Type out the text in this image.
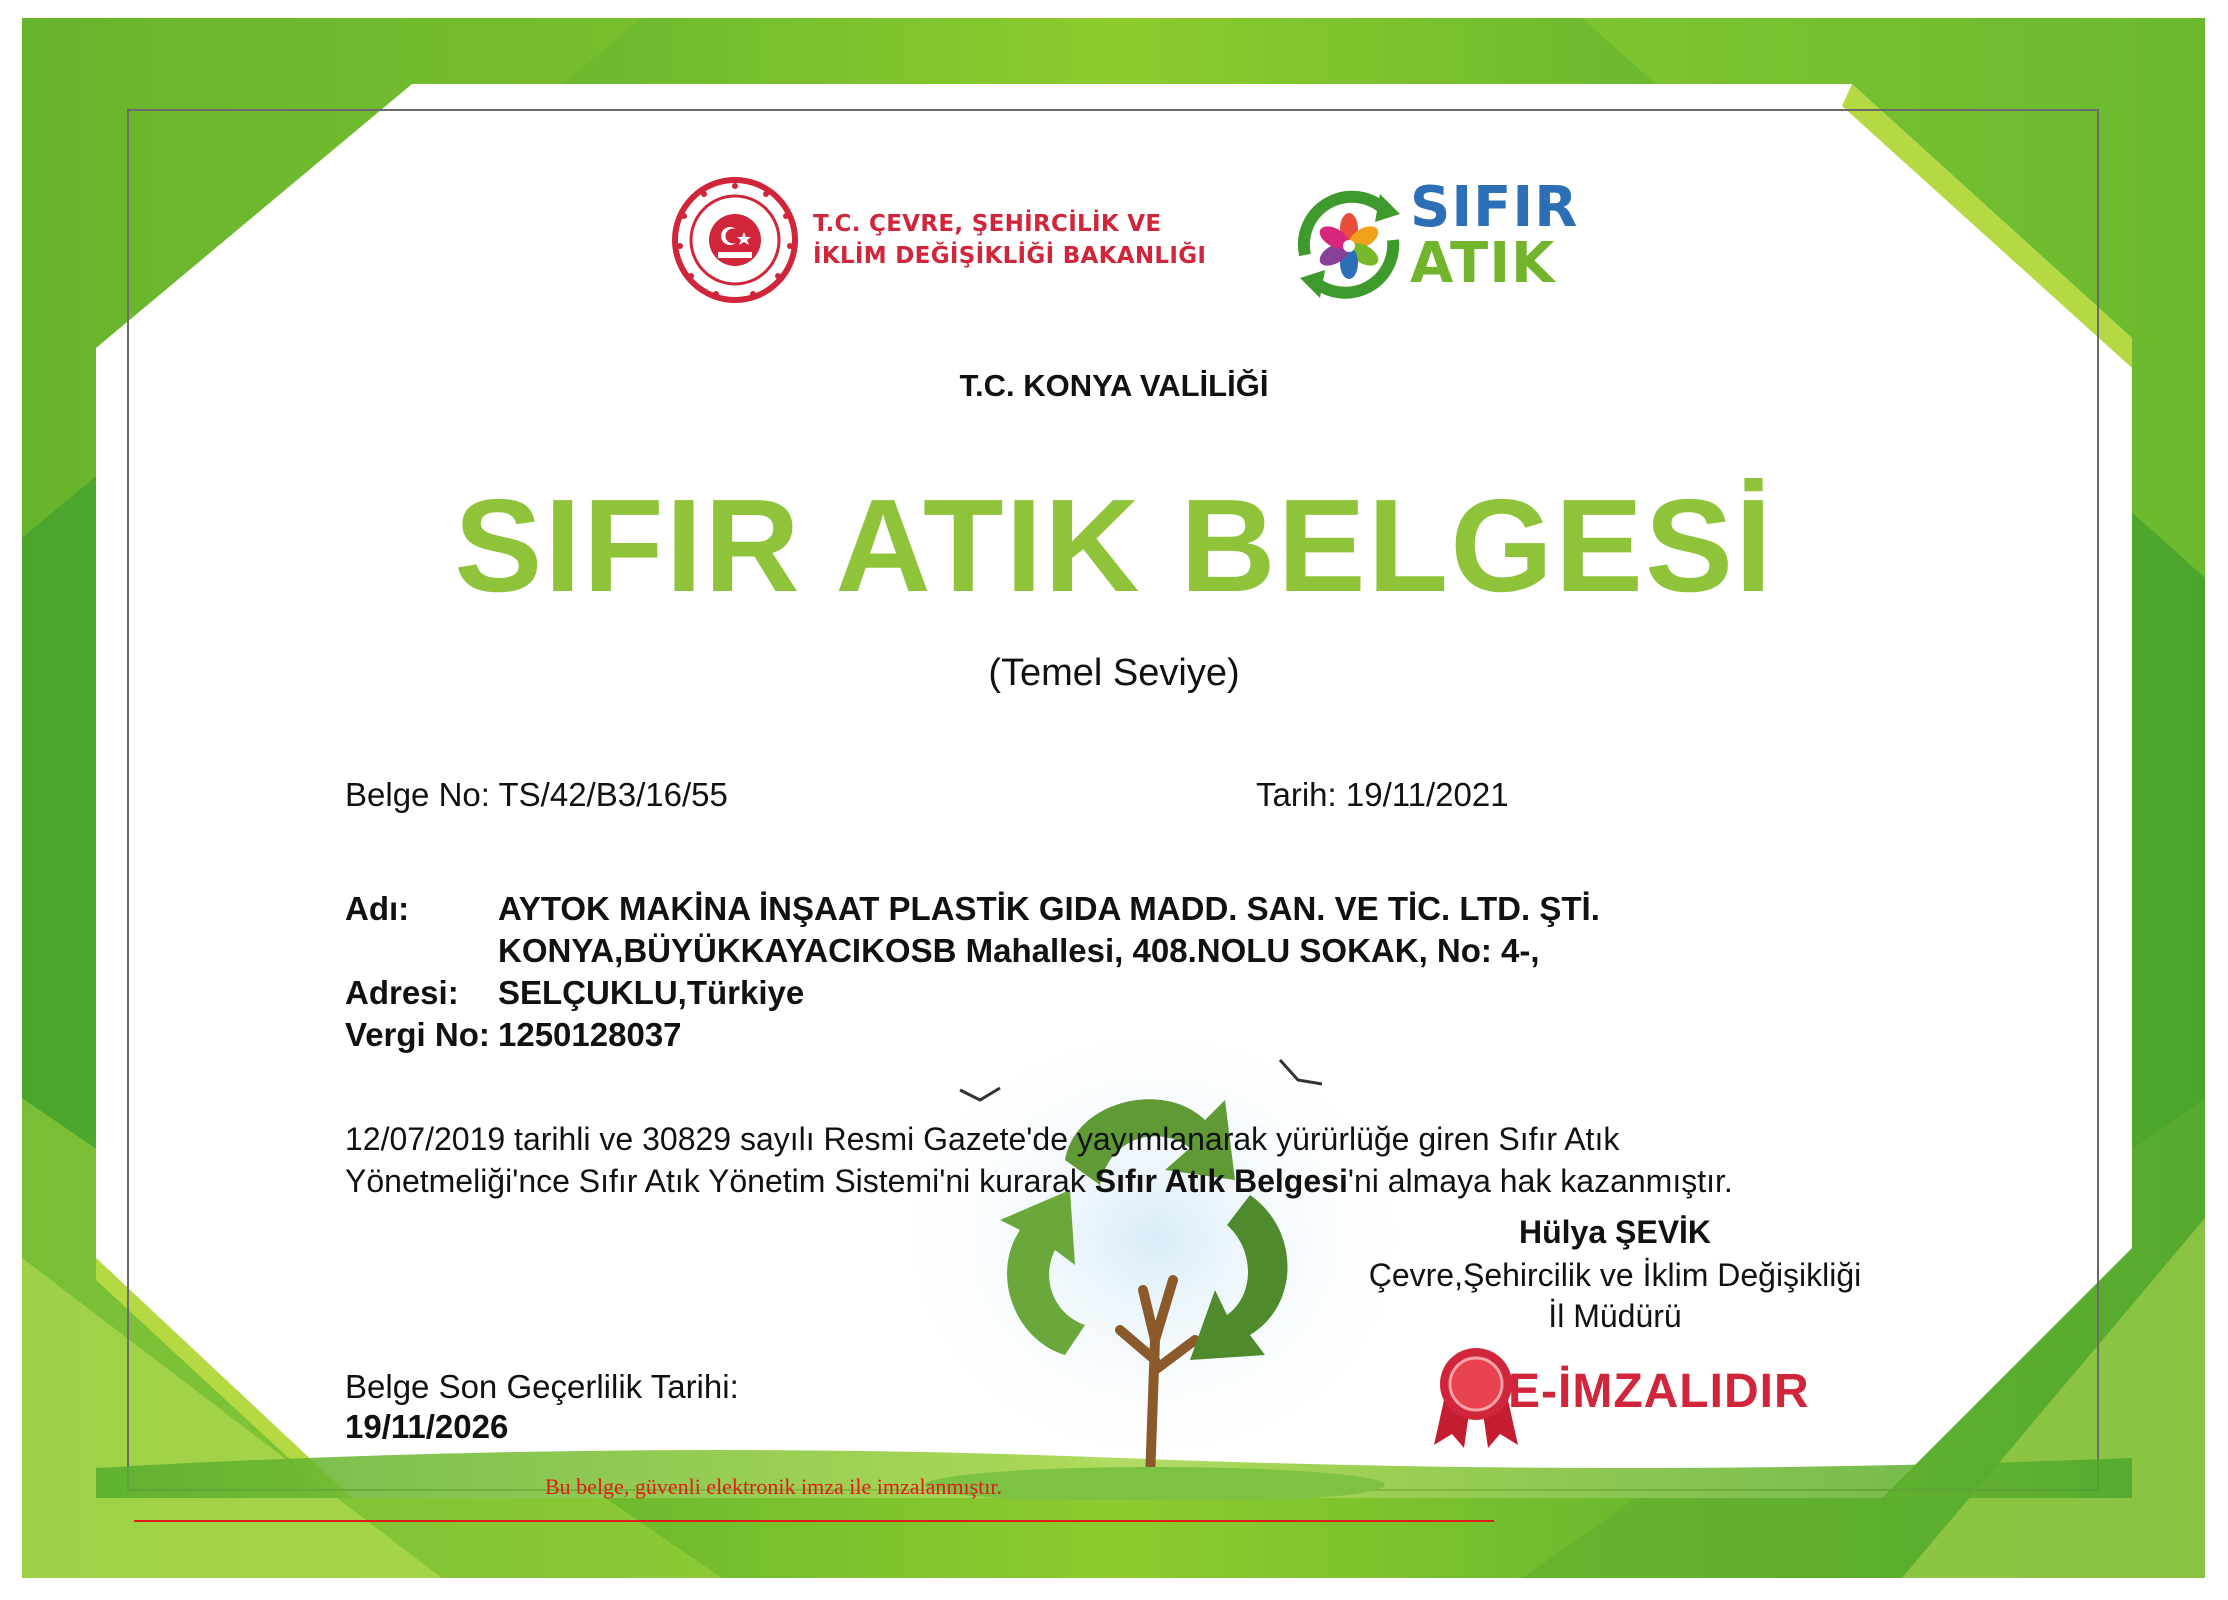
T.C. ÇEVRE, ŞEHİRCİLİK VE
İKLİM DEĞİŞİKLİĞİ BAKANLIĞI
SIFIR
ATIK
T.C. KONYA VALİLİĞİ
SIFIR ATIK BELGESİ
(Temel Seviye)
Belge No: TS/42/B3/16/55	Tarih: 19/11/2021
Adı:	AYTOK MAKİNA İNŞAAT PLASTİK GIDA MADD. SAN. VE TİC. LTD. ŞTİ.
KONYA,BÜYÜKKAYACIKOSB Mahallesi, 408.NOLU SOKAK, No: 4-,
Adresi: SELÇUKLU,Türkiye
Vergi No: 1250128037
12/07/2019 tarihli ve 30829 sayılı Resmi Gazete'de yayımlanarak yürürlüğe giren Sıfır Atık
Yönetmeliği'nce Sıfır Atık Yönetim Sistemi'ni kurarak Sıfır Atık Belgesi'ni almaya hak kazanmıştır.
Hülya ŞEVİK
Çevre,Şehircilik ve İklim Değişikliği
İl Müdürü
E-İMZALIDIR
Belge Son Geçerlilik Tarihi:
19/11/2026
Bu belge, güvenli elektronik imza ile imzalanmıştır.
